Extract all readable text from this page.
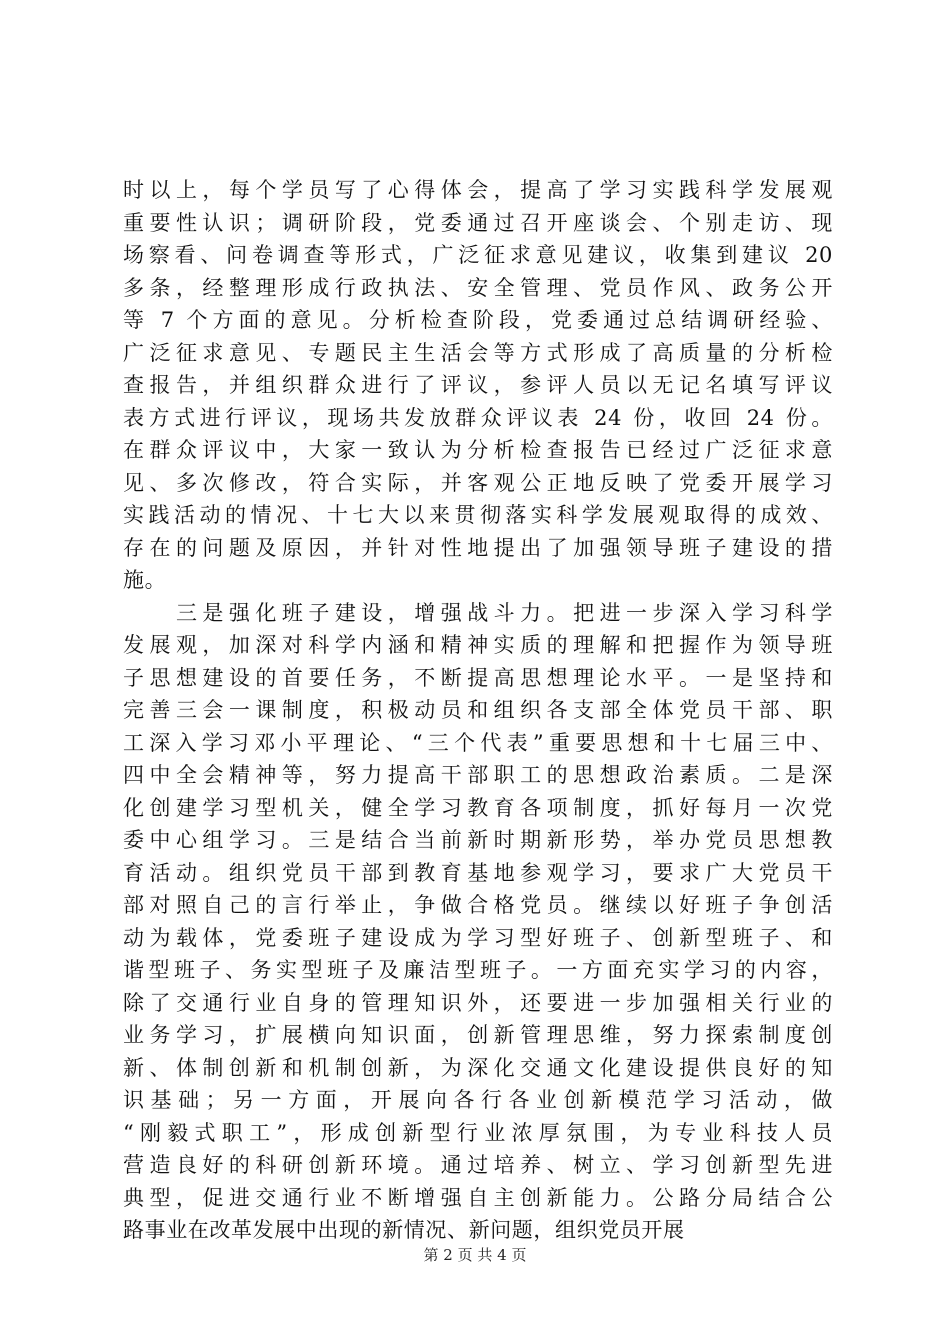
时以上，每个学员写了心得体会，提高了学习实践科学发展观
重要性认识；调研阶段，党委通过召开座谈会、个别走访、现
场察看、问卷调查等形式，广泛征求意见建议，收集到建议 20
多条，经整理形成行政执法、安全管理、党员作风、政务公开
等 7 个方面的意见。分析检查阶段，党委通过总结调研经验、
广泛征求意见、专题民主生活会等方式形成了高质量的分析检
查报告，并组织群众进行了评议，参评人员以无记名填写评议
表方式进行评议，现场共发放群众评议表 24 份，收回 24 份。
在群众评议中，大家一致认为分析检查报告已经过广泛征求意
见、多次修改，符合实际，并客观公正地反映了党委开展学习
实践活动的情况、十七大以来贯彻落实科学发展观取得的成效、
存在的问题及原因，并针对性地提出了加强领导班子建设的措
施。
　　三是强化班子建设，增强战斗力。把进一步深入学习科学
发展观，加深对科学内涵和精神实质的理解和把握作为领导班
子思想建设的首要任务，不断提高思想理论水平。一是坚持和
完善三会一课制度，积极动员和组织各支部全体党员干部、职
工深入学习邓小平理论、“三个代表”重要思想和十七届三中、
四中全会精神等，努力提高干部职工的思想政治素质。二是深
化创建学习型机关，健全学习教育各项制度，抓好每月一次党
委中心组学习。三是结合当前新时期新形势，举办党员思想教
育活动。组织党员干部到教育基地参观学习，要求广大党员干
部对照自己的言行举止，争做合格党员。继续以好班子争创活
动为载体，党委班子建设成为学习型好班子、创新型班子、和
谐型班子、务实型班子及廉洁型班子。一方面充实学习的内容，
除了交通行业自身的管理知识外，还要进一步加强相关行业的
业务学习，扩展横向知识面，创新管理思维，努力探索制度创
新、体制创新和机制创新，为深化交通文化建设提供良好的知
识基础；另一方面，开展向各行各业创新模范学习活动，做
“刚毅式职工”，形成创新型行业浓厚氛围，为专业科技人员
营造良好的科研创新环境。通过培养、树立、学习创新型先进
典型，促进交通行业不断增强自主创新能力。公路分局结合公
路事业在改革发展中出现的新情况、新问题，组织党员开展
第 2 页 共 4 页
